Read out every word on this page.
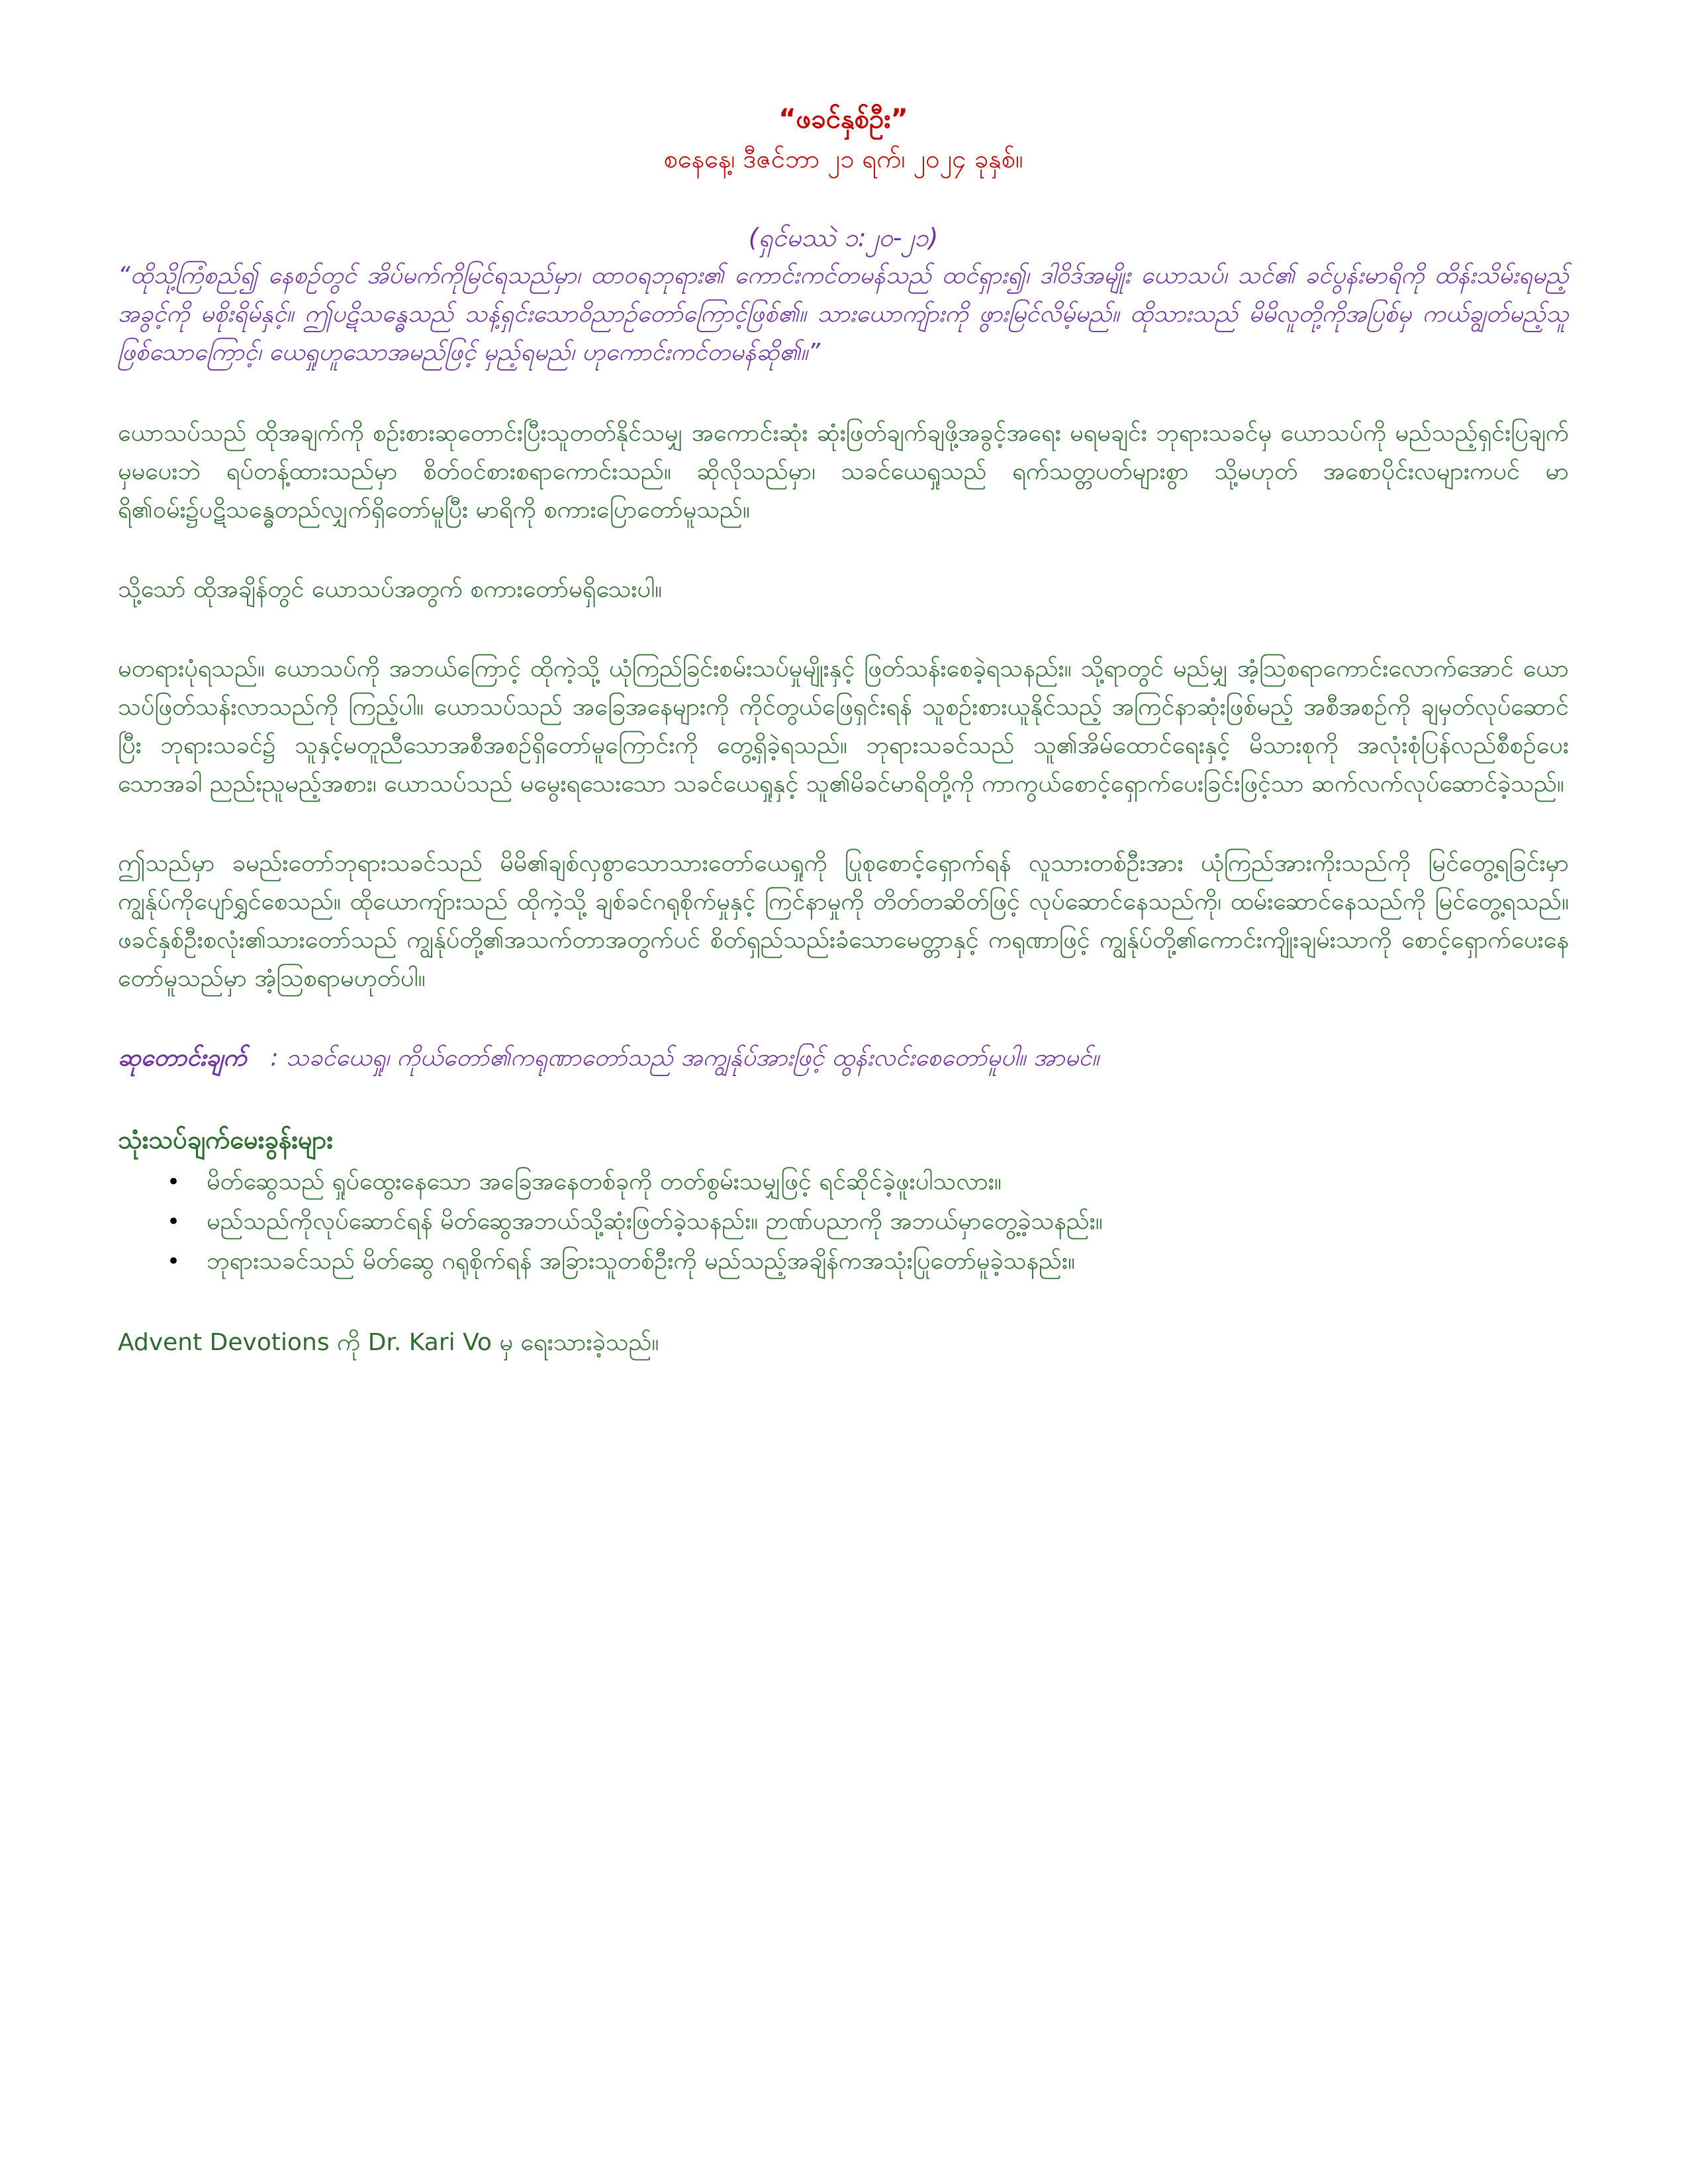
“ဖခင်နှစ်ဦး”

စနေနေ့၊ ဒီဇင်ဘာ ၂၁ ရက်၊ ၂၀၂၄ ခုနှစ်။

(ရှင်မဿဲ ၁:၂၀-၂၁)

“ထိုသို့ကြံစည်၍ နေစဉ်တွင် အိပ်မက်ကိုမြင်ရသည်မှာ၊ ထာဝရဘုရား၏ ကောင်းကင်တမန်သည် ထင်ရှား၍၊ ဒါဝိဒ်အမျိုး ယောသပ်၊ သင်၏ ခင်ပွန်းမာရိကို ထိန်းသိမ်းရမည့်အခွင့်ကို မစိုးရိမ်နှင့်။ ဤပဋိသန္ဓေသည် သန့်ရှင်းသောဝိညာဉ်တော်ကြောင့်ဖြစ်၏။ သားယောကျ်ားကို ဖွားမြင်လိမ့်မည်။ ထိုသားသည် မိမိလူတို့ကိုအပြစ်မှ ကယ်ချွတ်မည့်သူဖြစ်သောကြောင့်၊ ယေရှုဟူသောအမည်ဖြင့် မှည့်ရမည်၊ ဟုကောင်းကင်တမန်ဆို၏။”

ယောသပ်သည် ထိုအချက်ကို စဉ်းစားဆုတောင်းပြီးသူတတ်နိုင်သမျှ အကောင်းဆုံး ဆုံးဖြတ်ချက်ချဖို့အခွင့်အရေး မရမချင်း ဘုရားသခင်မှ ယောသပ်ကို မည်သည့်ရှင်းပြချက်မှမပေးဘဲ ရပ်တန့်ထားသည်မှာ စိတ်ဝင်စားစရာကောင်းသည်။ ဆိုလိုသည်မှာ၊ သခင်ယေရှုသည် ရက်သတ္တပတ်များစွာ သို့မဟုတ် အစောပိုင်းလများကပင် မာရိ၏ဝမ်း၌ပဋိသန္ဓေတည်လျှက်ရှိတော်မူပြီး မာရိကို စကားပြောတော်မူသည်။

သို့သော် ထိုအချိန်တွင် ယောသပ်အတွက် စကားတော်မရှိသေးပါ။

မတရားပုံရသည်။ ယောသပ်ကို အဘယ်ကြောင့် ထိုကဲ့သို့ ယုံကြည်ခြင်းစမ်းသပ်မှုမျိုးနှင့် ဖြတ်သန်းစေခဲ့ရသနည်း။ သို့ရာတွင် မည်မျှ အံ့ဩစရာကောင်းလောက်အောင် ယောသပ်ဖြတ်သန်းလာသည်ကို ကြည့်ပါ။ ယောသပ်သည် အခြေအနေများကို ကိုင်တွယ်ဖြေရှင်းရန် သူစဉ်းစားယူနိုင်သည့် အကြင်နာဆုံးဖြစ်မည့် အစီအစဉ်ကို ချမှတ်လုပ်ဆောင်ပြီး ဘုရားသခင်၌ သူနှင့်မတူညီသောအစီအစဉ်ရှိတော်မူကြောင်းကို တွေ့ရှိခဲ့ရသည်။ ဘုရားသခင်သည် သူ၏အိမ်ထောင်ရေးနှင့် မိသားစုကို အလုံးစုံပြန်လည်စီစဉ်ပေးသောအခါ ညည်းညူမည့်အစား၊ ယောသပ်သည် မမွေးရသေးသော သခင်ယေရှုနှင့် သူ၏မိခင်မာရိတို့ကို ကာကွယ်စောင့်ရှောက်ပေးခြင်းဖြင့်သာ ဆက်လက်လုပ်ဆောင်ခဲ့သည်။

ဤသည်မှာ ခမည်းတော်ဘုရားသခင်သည် မိမိ၏ချစ်လှစွာသောသားတော်ယေရှုကို ပြုစုစောင့်ရှောက်ရန် လူသားတစ်ဦးအား ယုံကြည်အားကိုးသည်ကို မြင်တွေ့ရခြင်းမှာ ကျွန်ုပ်ကိုပျော်ရွှင်စေသည်။ ထိုယောကျ်ားသည် ထိုကဲ့သို့ ချစ်ခင်ဂရုစိုက်မှုနှင့် ကြင်နာမှုကို တိတ်တဆိတ်ဖြင့် လုပ်ဆောင်နေသည်ကို၊ ထမ်းဆောင်နေသည်ကို မြင်တွေ့ရသည်။ ဖခင်နှစ်ဦးစလုံး၏သားတော်သည် ကျွန်ုပ်တို့၏အသက်တာအတွက်ပင် စိတ်ရှည်သည်းခံသောမေတ္တာနှင့် ကရုဏာဖြင့် ကျွန်ုပ်တို့၏ကောင်းကျိုးချမ်းသာကို စောင့်ရှောက်ပေးနေတော်မူသည်မှာ အံ့ဩစရာမဟုတ်ပါ။

ဆုတောင်းချက် : သခင်ယေရှု၊ ကိုယ်တော်၏ကရုဏာတော်သည် အကျွန်ုပ်အားဖြင့် ထွန်းလင်းစေတော်မူပါ။ အာမင်။

သုံးသပ်ချက်မေးခွန်းများ

• မိတ်ဆွေသည် ရှုပ်ထွေးနေသော အခြေအနေတစ်ခုကို တတ်စွမ်းသမျှဖြင့် ရင်ဆိုင်ခဲ့ဖူးပါသလား။
• မည်သည်ကိုလုပ်ဆောင်ရန် မိတ်ဆွေအဘယ်သို့ဆုံးဖြတ်ခဲ့သနည်း။ ဉာဏ်ပညာကို အဘယ်မှာတွေ့ခဲ့သနည်း။
• ဘုရားသခင်သည် မိတ်ဆွေ ဂရုစိုက်ရန် အခြားသူတစ်ဦးကို မည်သည့်အချိန်ကအသုံးပြုတော်မူခဲ့သနည်း။

Advent Devotions ကို Dr. Kari Vo မှ ရေးသားခဲ့သည်။
